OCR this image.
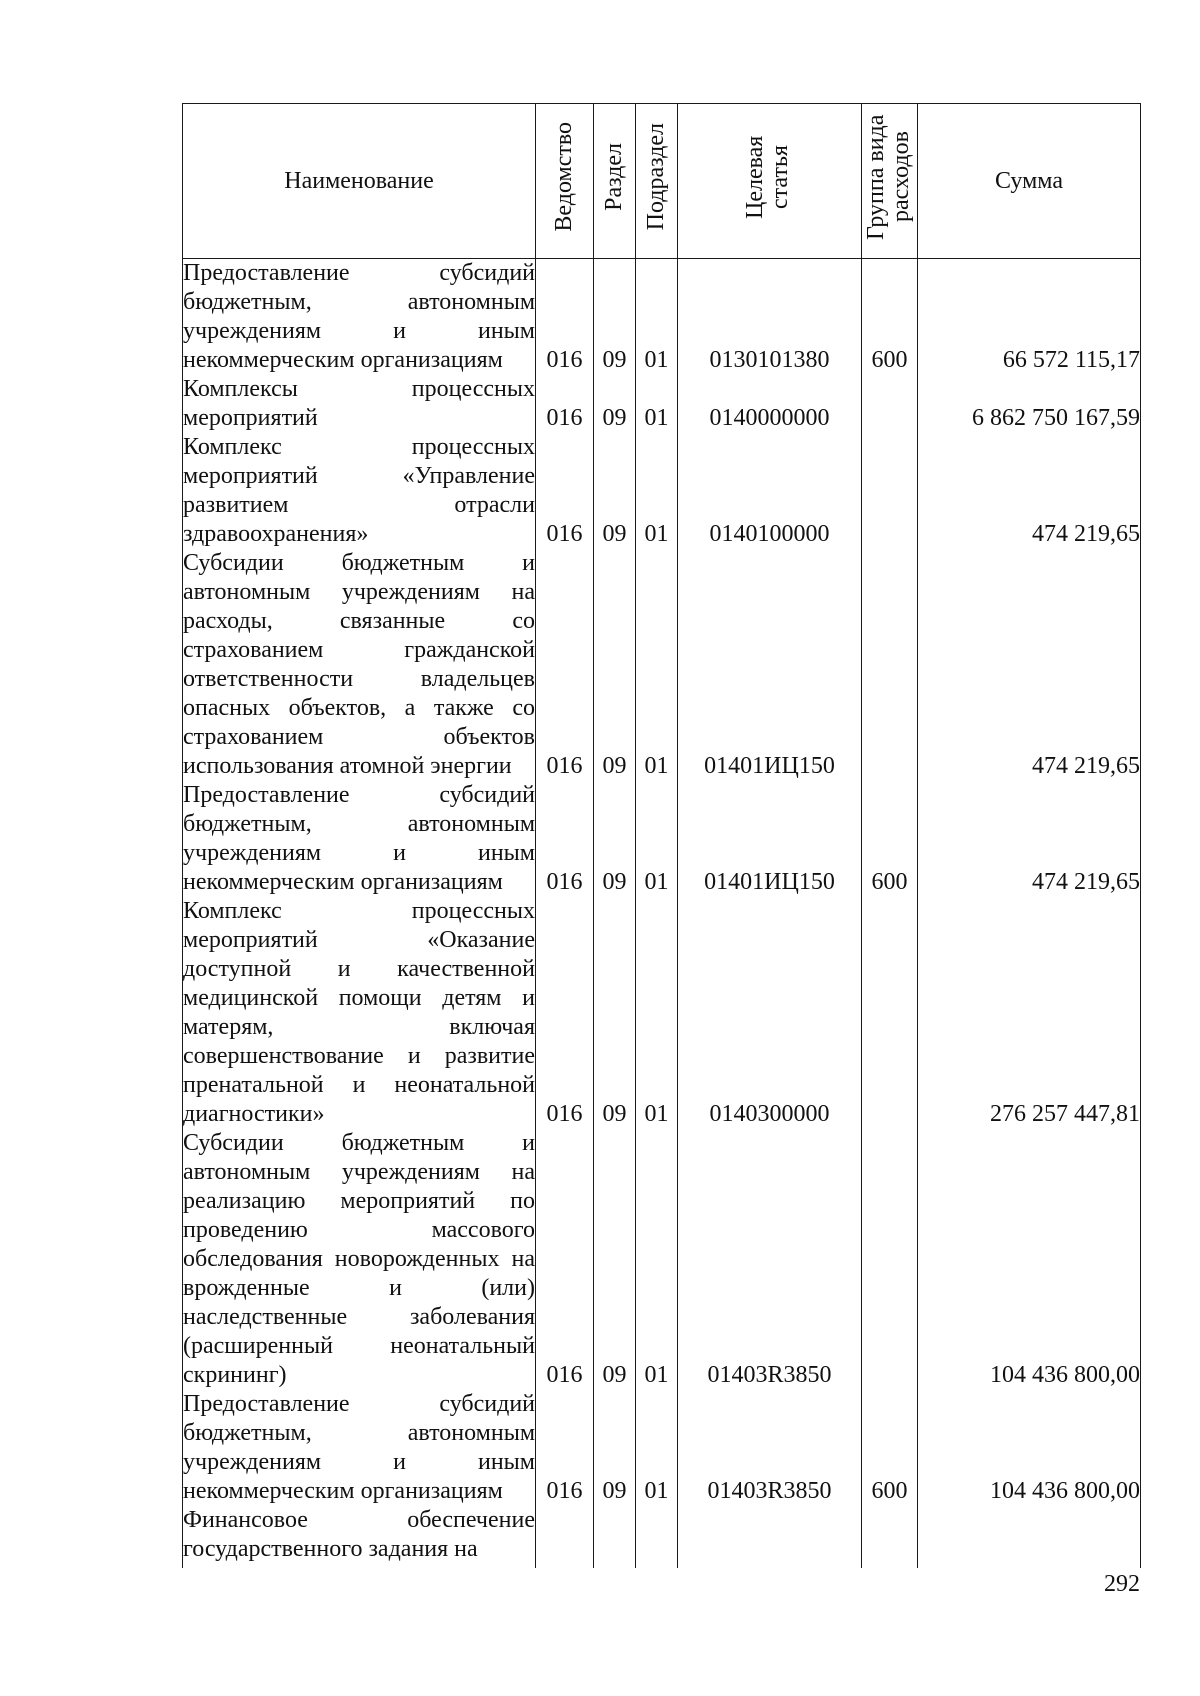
Наименование	Ведомство	Раздел	Подраздел	Целевая статья	Группа вида расходов	Сумма
Предоставление субсидий бюджетным, автономным учреждениям и иным некоммерческим организациям	016	09	01	0130101380	600	66 572 115,17
Комплексы процессных мероприятий	016	09	01	0140000000		6 862 750 167,59
Комплекс процессных мероприятий «Управление развитием отрасли здравоохранения»	016	09	01	0140100000		474 219,65
Субсидии бюджетным и автономным учреждениям на расходы, связанные со страхованием гражданской ответственности владельцев опасных объектов, а также со страхованием объектов использования атомной энергии	016	09	01	01401ИЦ150		474 219,65
Предоставление субсидий бюджетным, автономным учреждениям и иным некоммерческим организациям	016	09	01	01401ИЦ150	600	474 219,65
Комплекс процессных мероприятий «Оказание доступной и качественной медицинской помощи детям и матерям, включая совершенствование и развитие пренатальной и неонатальной диагностики»	016	09	01	0140300000		276 257 447,81
Субсидии бюджетным и автономным учреждениям на реализацию мероприятий по проведению массового обследования новорожденных на врожденные и (или) наследственные заболевания (расширенный неонатальный скрининг)	016	09	01	01403R3850		104 436 800,00
Предоставление субсидий бюджетным, автономным учреждениям и иным некоммерческим организациям	016	09	01	01403R3850	600	104 436 800,00
Финансовое обеспечение государственного задания на						
292
